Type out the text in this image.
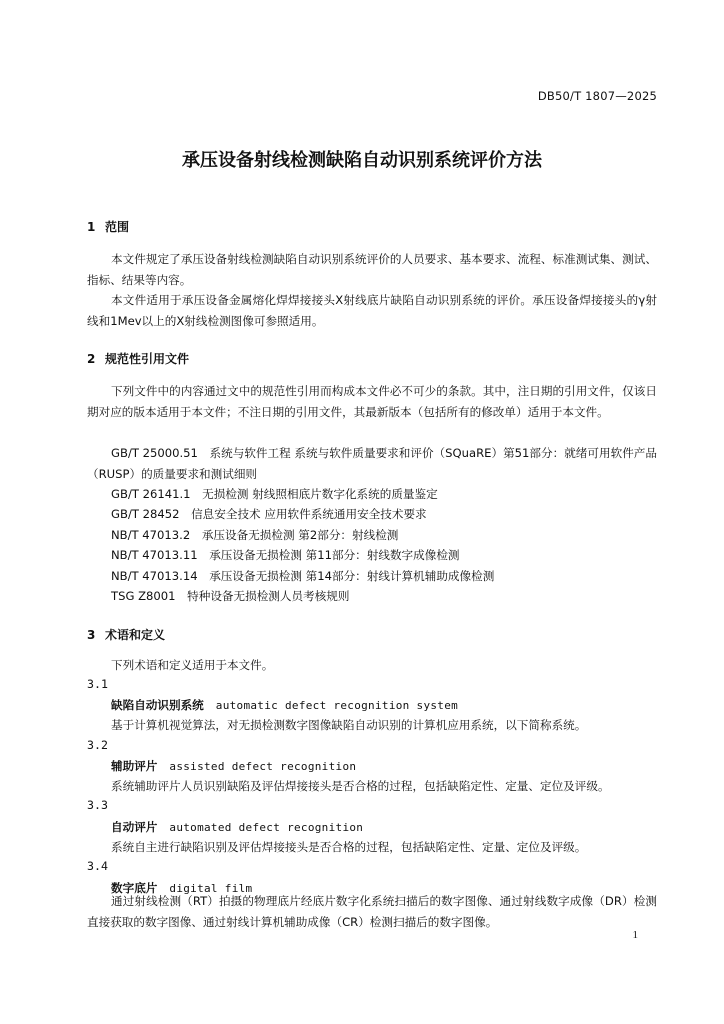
DB50/T 1807—2025
承压设备射线检测缺陷自动识别系统评价方法
1 范围
本文件规定了承压设备射线检测缺陷自动识别系统评价的人员要求、基本要求、流程、标准测试集、测试、指标、结果等内容。
本文件适用于承压设备金属熔化焊焊接接头X射线底片缺陷自动识别系统的评价。承压设备焊接接头的γ射线和1Mev以上的X射线检测图像可参照适用。
2 规范性引用文件
下列文件中的内容通过文中的规范性引用而构成本文件必不可少的条款。其中，注日期的引用文件，仅该日期对应的版本适用于本文件；不注日期的引用文件，其最新版本（包括所有的修改单）适用于本文件。
GB/T 25000.51　系统与软件工程 系统与软件质量要求和评价（SQuaRE）第51部分：就绪可用软件产品（RUSP）的质量要求和测试细则
GB/T 26141.1　无损检测 射线照相底片数字化系统的质量鉴定
GB/T 28452　信息安全技术 应用软件系统通用安全技术要求
NB/T 47013.2　承压设备无损检测 第2部分：射线检测
NB/T 47013.11　承压设备无损检测 第11部分：射线数字成像检测
NB/T 47013.14　承压设备无损检测 第14部分：射线计算机辅助成像检测
TSG Z8001　特种设备无损检测人员考核规则
3 术语和定义
下列术语和定义适用于本文件。
3.1
缺陷自动识别系统 automatic defect recognition system
基于计算机视觉算法，对无损检测数字图像缺陷自动识别的计算机应用系统，以下简称系统。
3.2
辅助评片 assisted defect recognition
系统辅助评片人员识别缺陷及评估焊接接头是否合格的过程，包括缺陷定性、定量、定位及评级。
3.3
自动评片 automated defect recognition
系统自主进行缺陷识别及评估焊接接头是否合格的过程，包括缺陷定性、定量、定位及评级。
3.4
数字底片 digital film
通过射线检测（RT）拍摄的物理底片经底片数字化系统扫描后的数字图像、通过射线数字成像（DR）检测直接获取的数字图像、通过射线计算机辅助成像（CR）检测扫描后的数字图像。
1
